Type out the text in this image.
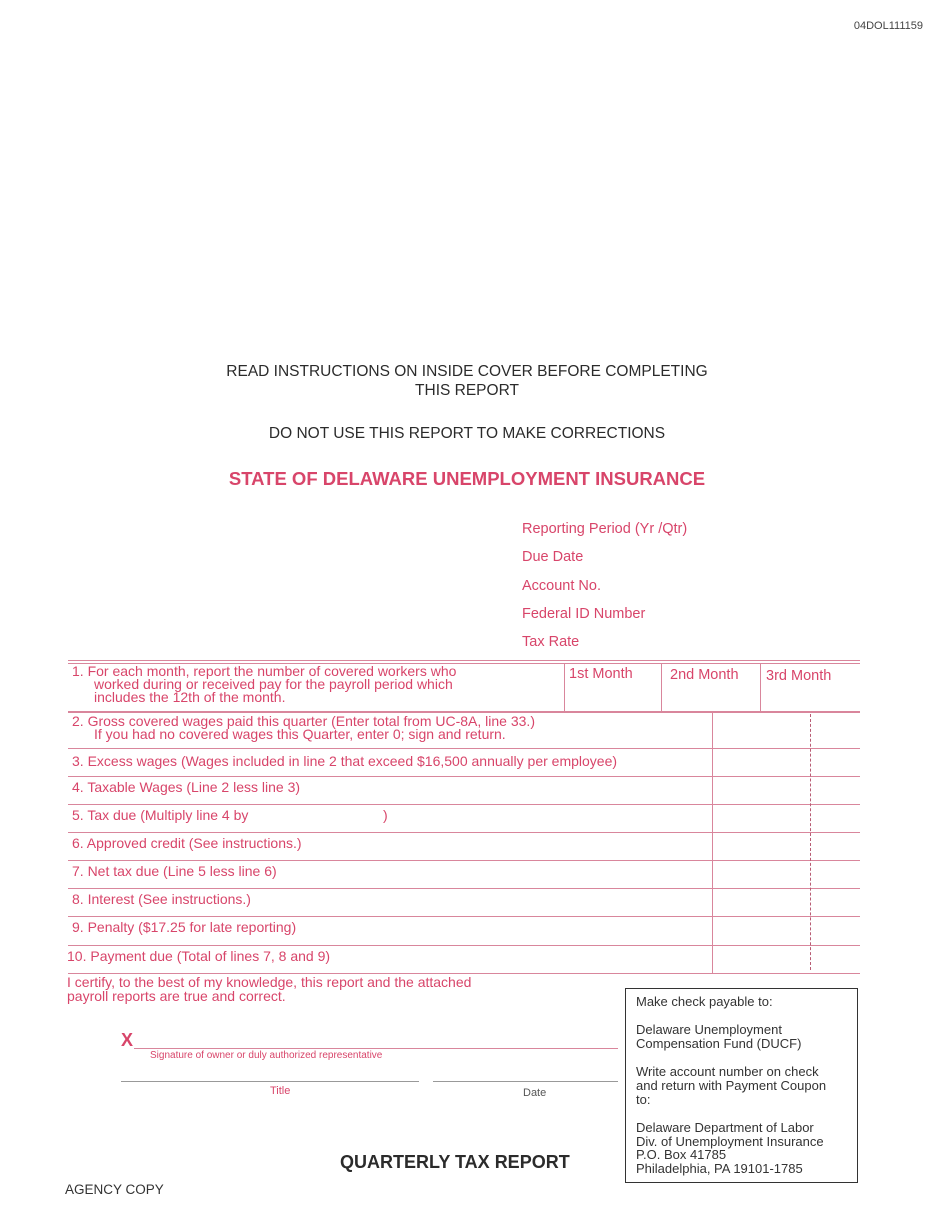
04DOL111159
READ INSTRUCTIONS ON INSIDE COVER BEFORE COMPLETING
THIS REPORT
DO NOT USE THIS REPORT TO MAKE CORRECTIONS
STATE OF DELAWARE UNEMPLOYMENT INSURANCE
Reporting Period (Yr /Qtr)
Due Date
Account No.
Federal ID Number
Tax Rate
1st Month	2nd Month 3rd Month
1. For each month, report the number of covered workers who
worked during or received pay for the payroll period which
includes the 12th of the month.
2. Gross covered wages paid this quarter (Enter total from UC-8A, line 33.)
If you had no covered wages this Quarter, enter 0; sign and return.
3. Excess wages (Wages included in line 2 that exceed $16,500 annually per employee)
4. Taxable Wages (Line 2 less line 3)
5. Tax due (Multiply line 4 by	)
6. Approved credit (See instructions.)
7. Net tax due (Line 5 less line 6)
8. Interest (See instructions.)
9. Penalty ($17.25 for late reporting)
10. Payment due (Total of lines 7, 8 and 9)
I certify, to the best of my knowledge, this report and the attached
payroll reports are true and correct.
X
Signature of owner or duly authorized representative
Title	Date
Make check payable to:
Delaware Unemployment
Compensation Fund (DUCF)
Write account number on check
and return with Payment Coupon
to:
Delaware Department of Labor
Div. of Unemployment Insurance
P.O. Box 41785
Philadelphia, PA 19101-1785
QUARTERLY TAX REPORT
AGENCY COPY
